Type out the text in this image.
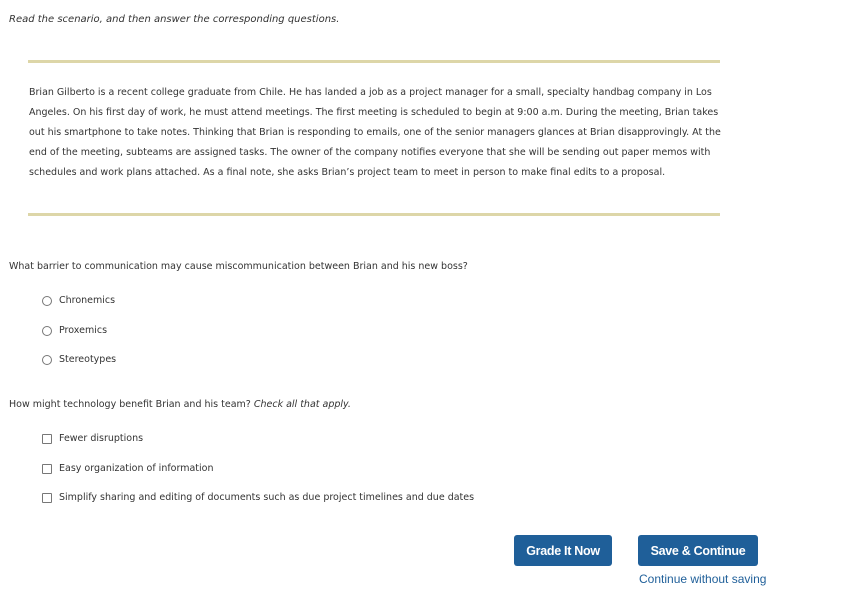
Read the scenario, and then answer the corresponding questions.
Brian Gilberto is a recent college graduate from Chile. He has landed a job as a project manager for a small, specialty handbag company in Los Angeles. On his first day of work, he must attend meetings. The first meeting is scheduled to begin at 9:00 a.m. During the meeting, Brian takes out his smartphone to take notes. Thinking that Brian is responding to emails, one of the senior managers glances at Brian disapprovingly. At the end of the meeting, subteams are assigned tasks. The owner of the company notifies everyone that she will be sending out paper memos with schedules and work plans attached. As a final note, she asks Brian’s project team to meet in person to make final edits to a proposal.
What barrier to communication may cause miscommunication between Brian and his new boss?
Chronemics
Proxemics
Stereotypes
How might technology benefit Brian and his team? Check all that apply.
Fewer disruptions
Easy organization of information
Simplify sharing and editing of documents such as due project timelines and due dates
Grade It Now	Save & Continue
Continue without saving
